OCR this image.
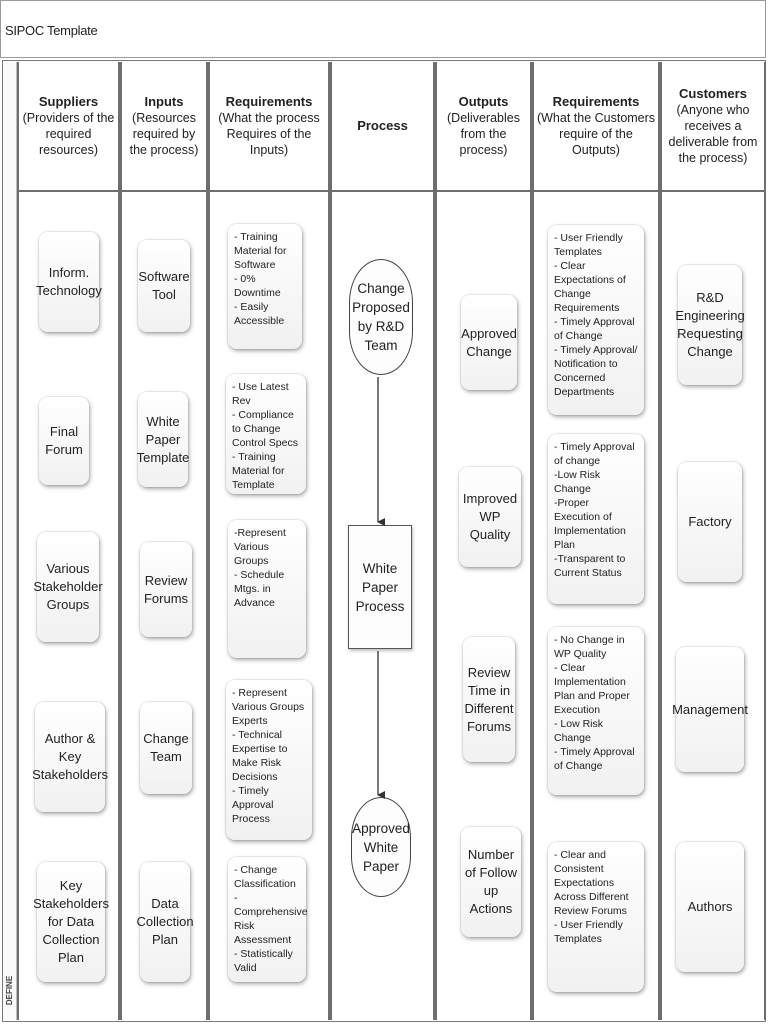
SIPOC Template
DEFINE
Suppliers
(Providers of the required resources)
Inform. Technology
Final Forum
Various Stakeholder Groups
Author & Key Stakeholders
Key Stakeholders for Data Collection Plan
Inputs
(Resources required by the process)
Software Tool
White Paper Template
Review Forums
Change Team
Data Collection Plan
Requirements
(What the process Requires of the Inputs)
- Training Material for Software
- 0% Downtime
- Easily Accessible
- Use Latest Rev
- Compliance to Change Control Specs
- Training Material for Template
-Represent Various Groups
- Schedule Mtgs. in Advance
- Represent Various Groups Experts
- Technical Expertise to Make Risk Decisions
- Timely Approval Process
- Change Classification
- Comprehensive Risk Assessment
- Statistically Valid
Process
Change Proposed by R&D Team
White Paper Process
Approved White Paper
Outputs
(Deliverables from the process)
Approved Change
Improved WP Quality
Review Time in Different Forums
Number of Follow up Actions
Requirements
(What the Customers require of the Outputs)
- User Friendly Templates
- Clear Expectations of Change Requirements
- Timely Approval of Change
- Timely Approval/ Notification to Concerned Departments
- Timely Approval of change
-Low Risk Change
-Proper Execution of Implementation Plan
-Transparent to Current Status
- No Change in WP Quality
- Clear Implementation Plan and Proper Execution
- Low Risk Change
- Timely Approval of Change
- Clear and Consistent Expectations Across Different Review Forums
- User Friendly Templates
Customers
(Anyone who receives a deliverable from the process)
R&D Engineering Requesting Change
Factory
Management
Authors
